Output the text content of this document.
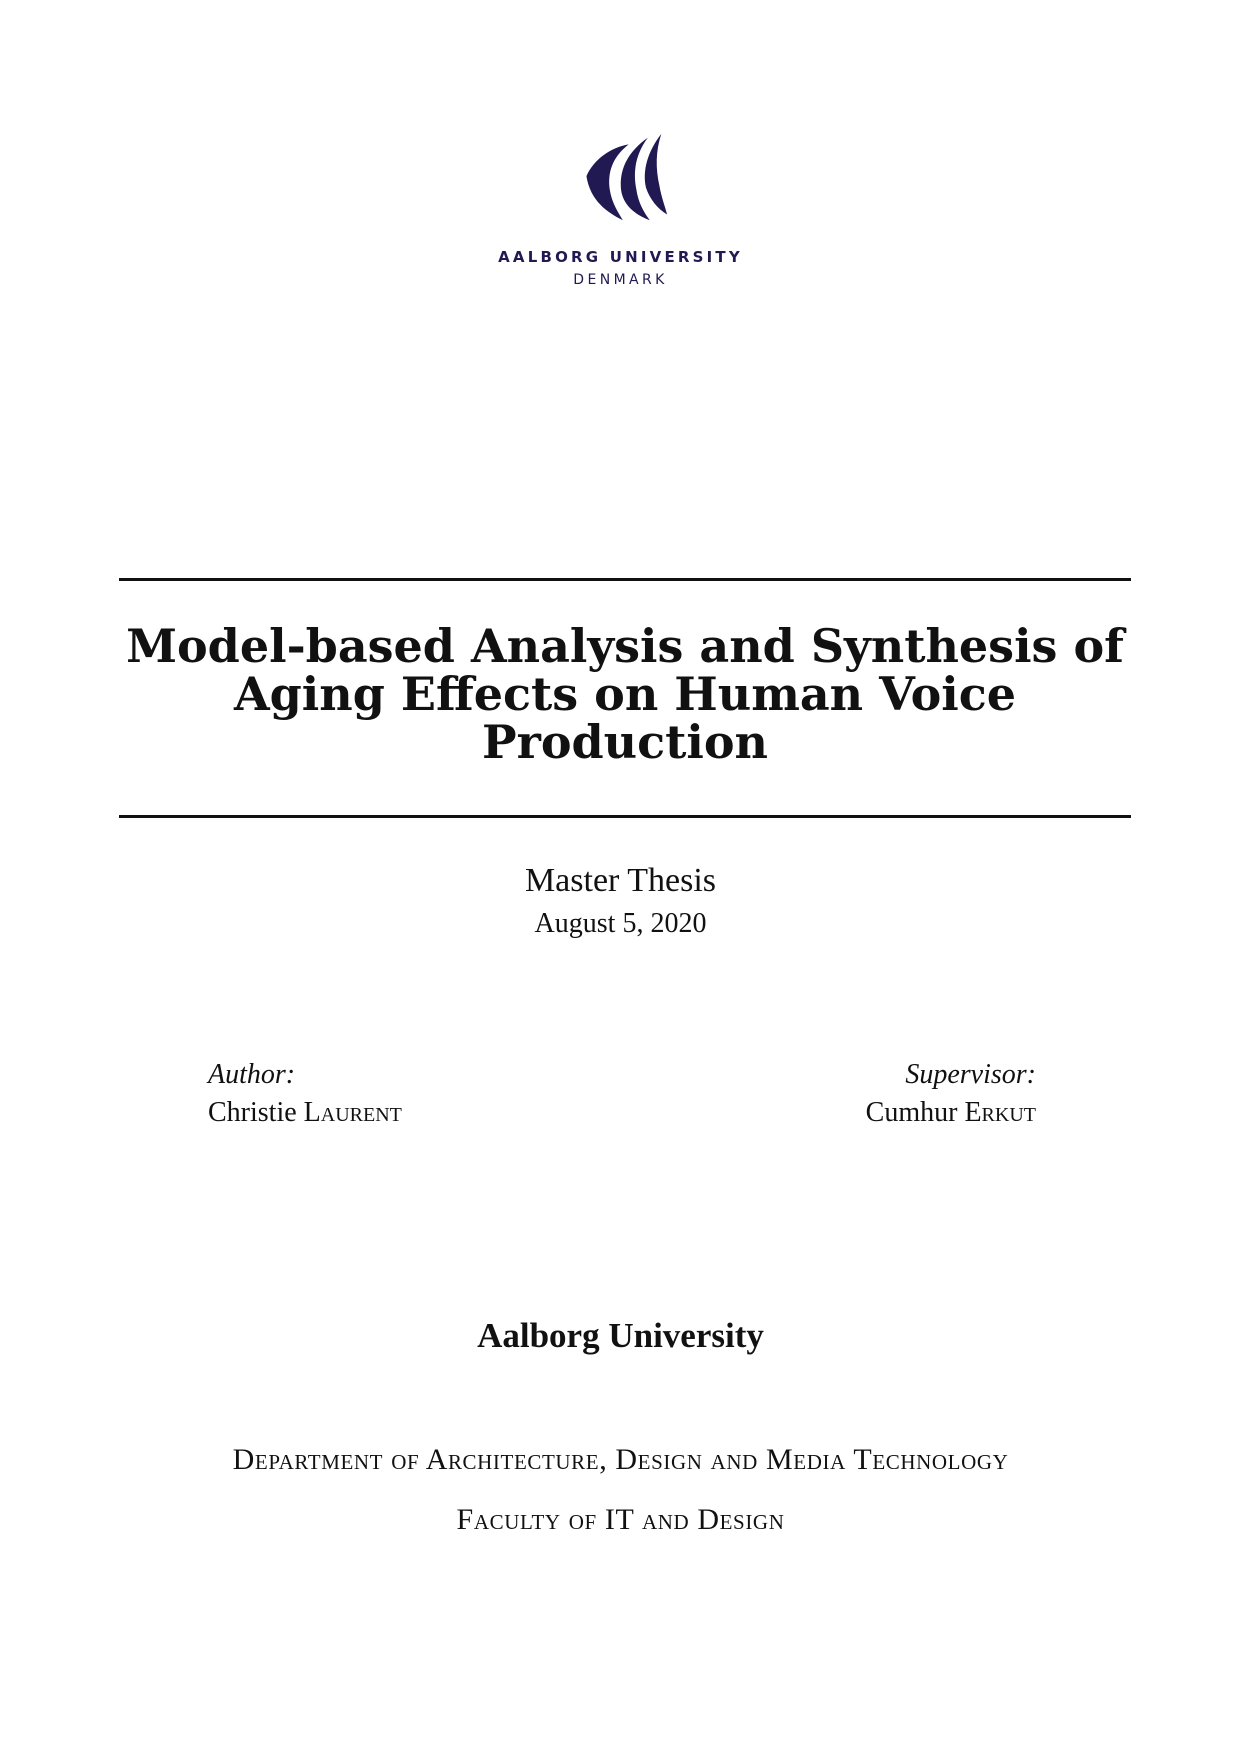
AALBORG UNIVERSITY
DENMARK
Model-based Analysis and Synthesis of Aging Effects on Human Voice Production
Master Thesis
August 5, 2020
Author:
Christie Laurent
Supervisor:
Cumhur Erkut
Aalborg University
Department of Architecture, Design and Media Technology
Faculty of IT and Design
